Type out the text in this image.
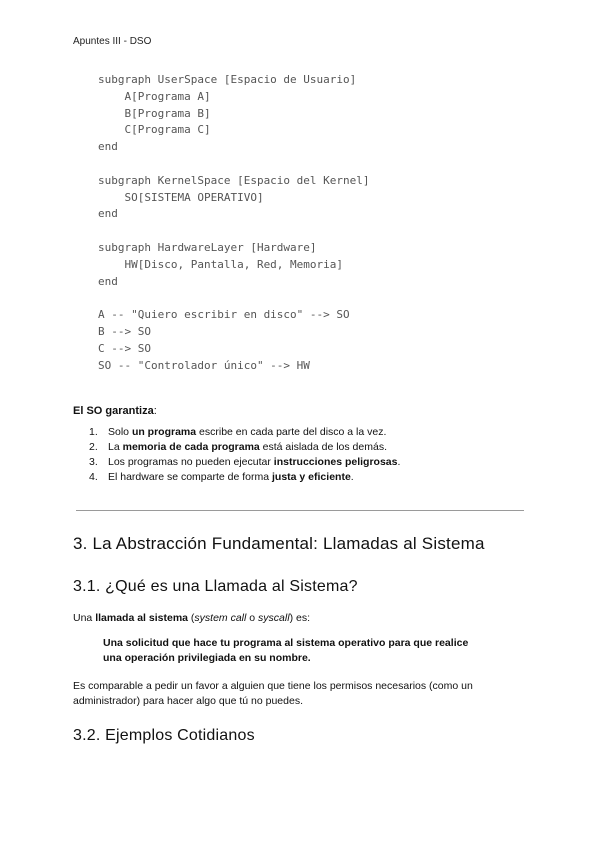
Apuntes III - DSO
subgraph UserSpace [Espacio de Usuario]
A[Programa A]
B[Programa B]
C[Programa C]
end
subgraph KernelSpace [Espacio del Kernel]
SO[SISTEMA OPERATIVO]
end
subgraph HardwareLayer [Hardware]
HW[Disco, Pantalla, Red, Memoria]
end
A -- "Quiero escribir en disco" --> SO
B --> SO
C --> SO
SO -- "Controlador único" --> HW
El SO garantiza:
1. Solo un programa escribe en cada parte del disco a la vez.
2. La memoria de cada programa está aislada de los demás.
3. Los programas no pueden ejecutar instrucciones peligrosas.
4. El hardware se comparte de forma justa y eficiente.
3. La Abstracción Fundamental: Llamadas al Sistema
3.1. ¿Qué es una Llamada al Sistema?
Una llamada al sistema (system call o syscall) es:
Una solicitud que hace tu programa al sistema operativo para que realice
una operación privilegiada en su nombre.
Es comparable a pedir un favor a alguien que tiene los permisos necesarios (como un
administrador) para hacer algo que tú no puedes.
3.2. Ejemplos Cotidianos
